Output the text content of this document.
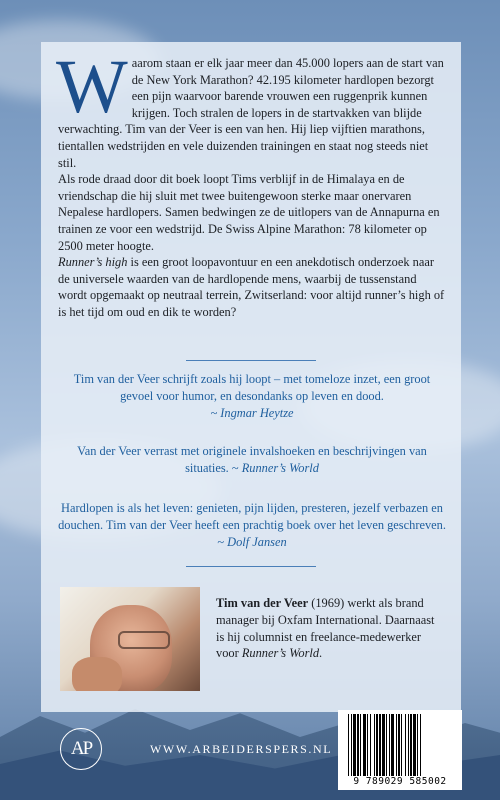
W aarom staan er elk jaar meer dan 45.000 lopers aan de start van de New York Marathon? 42.195 kilometer hardlopen bezorgt een pijn waarvoor barende vrouwen een ruggenprik kunnen krijgen. Toch stralen de lopers in de startvakken van blijde verwachting. Tim van der Veer is een van hen. Hij liep vijftien marathons, tientallen wedstrijden en vele duizenden trainingen en staat nog steeds niet stil.

Als rode draad door dit boek loopt Tims verblijf in de Himalaya en de vriendschap die hij sluit met twee buitengewoon sterke maar onervaren Nepalese hardlopers. Samen bedwingen ze de uitlopers van de Annapurna en trainen ze voor een wedstrijd. De Swiss Alpine Marathon: 78 kilometer op 2500 meter hoogte.

Runner’s high is een groot loopavontuur en een anekdotisch onderzoek naar de universele waarden van de hardlopende mens, waarbij de tussenstand wordt opgemaakt op neutraal terrein, Zwitserland: voor altijd runner’s high of is het tijd om oud en dik te worden?

Tim van der Veer schrijft zoals hij loopt – met tomeloze inzet, een groot gevoel voor humor, en desondanks op leven en dood.
~ Ingmar Heytze
Van der Veer verrast met originele invalshoeken en beschrijvingen van situaties. ~ Runner’s World
Hardlopen is als het leven: genieten, pijn lijden, presteren, jezelf verbazen en douchen. Tim van der Veer heeft een prachtig boek over het leven geschreven. ~ Dolf Jansen
Tim van der Veer (1969) werkt als brand manager bij Oxfam International. Daarnaast is hij columnist en freelance-medewerker voor Runner’s World.
AP	WWW.ARBEIDERSPERS.NL
9 789029 585002
